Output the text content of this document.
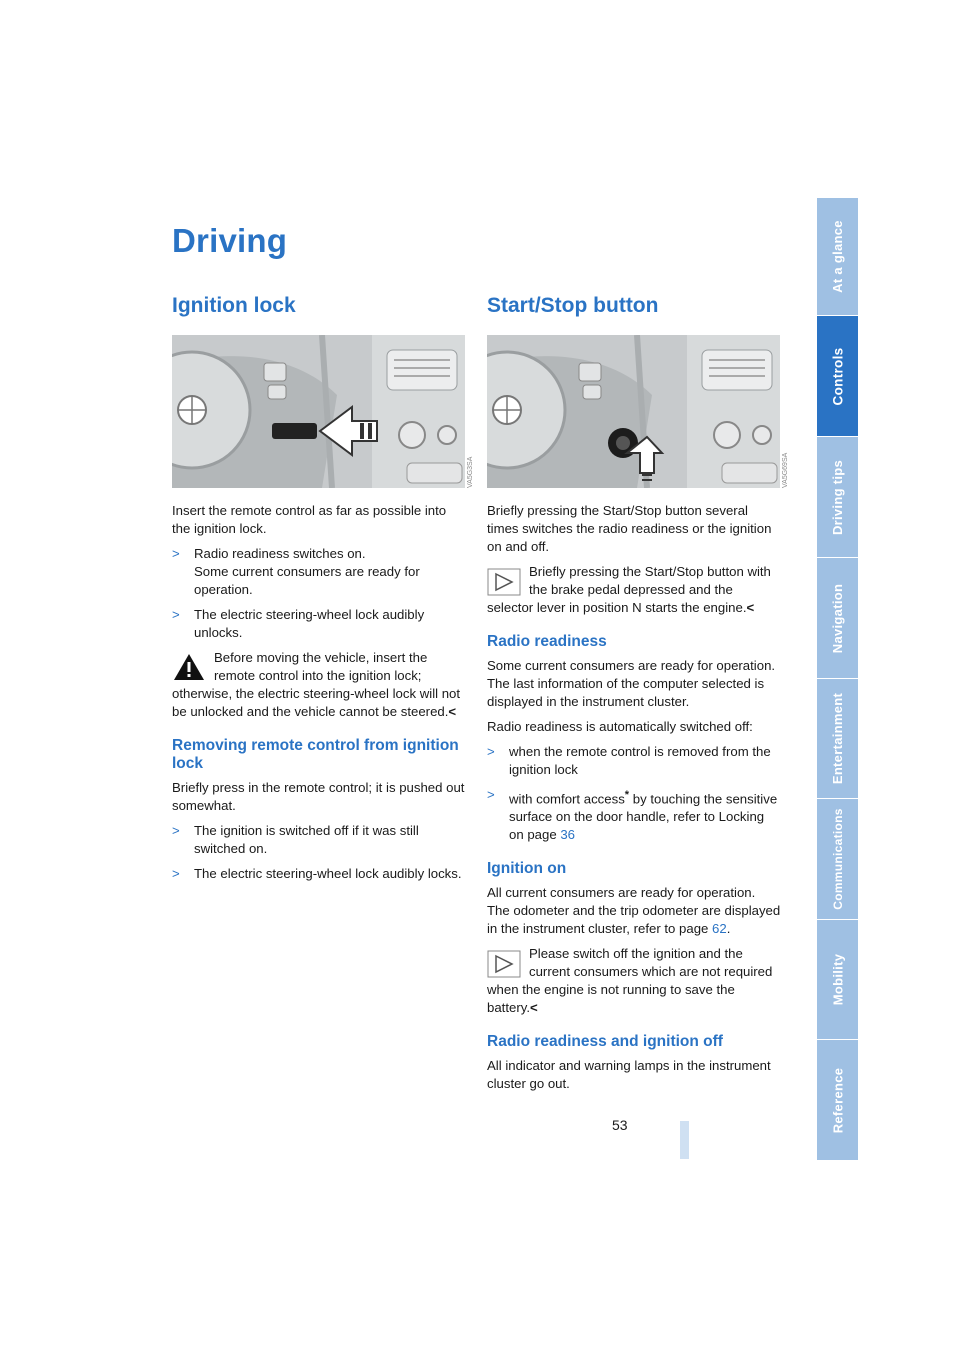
Driving
Ignition lock
VA5G3SA

Insert the remote control as far as possible into the ignition lock.

> Radio readiness switches on.
Some current consumers are ready for operation.
> The electric steering-wheel lock audibly unlocks.
Before moving the vehicle, insert the remote control into the ignition lock; otherwise, the electric steering-wheel lock will not be unlocked and the vehicle cannot be steered.<
Removing remote control from ignition lock

Briefly press in the remote control; it is pushed out somewhat.

> The ignition is switched off if it was still switched on.
> The electric steering-wheel lock audibly locks.
Start/Stop button
VA5G69SA

Briefly pressing the Start/Stop button several times switches the radio readiness or the ignition on and off.

Briefly pressing the Start/Stop button with the brake pedal depressed and the selector lever in position N starts the engine.<
Radio readiness

Some current consumers are ready for operation. The last information of the computer selected is displayed in the instrument cluster.

Radio readiness is automatically switched off:

> when the remote control is removed from the ignition lock
> with comfort access* by touching the sensitive surface on the door handle, refer to Locking on page 36
Ignition on

All current consumers are ready for operation. The odometer and the trip odometer are displayed in the instrument cluster, refer to page 62.

Please switch off the ignition and the current consumers which are not required when the engine is not running to save the battery.<
Radio readiness and ignition off

All indicator and warning lamps in the instrument cluster go out.

53
At a glance
Controls
Driving tips
Navigation
Entertainment
Communications
Mobility
Reference
